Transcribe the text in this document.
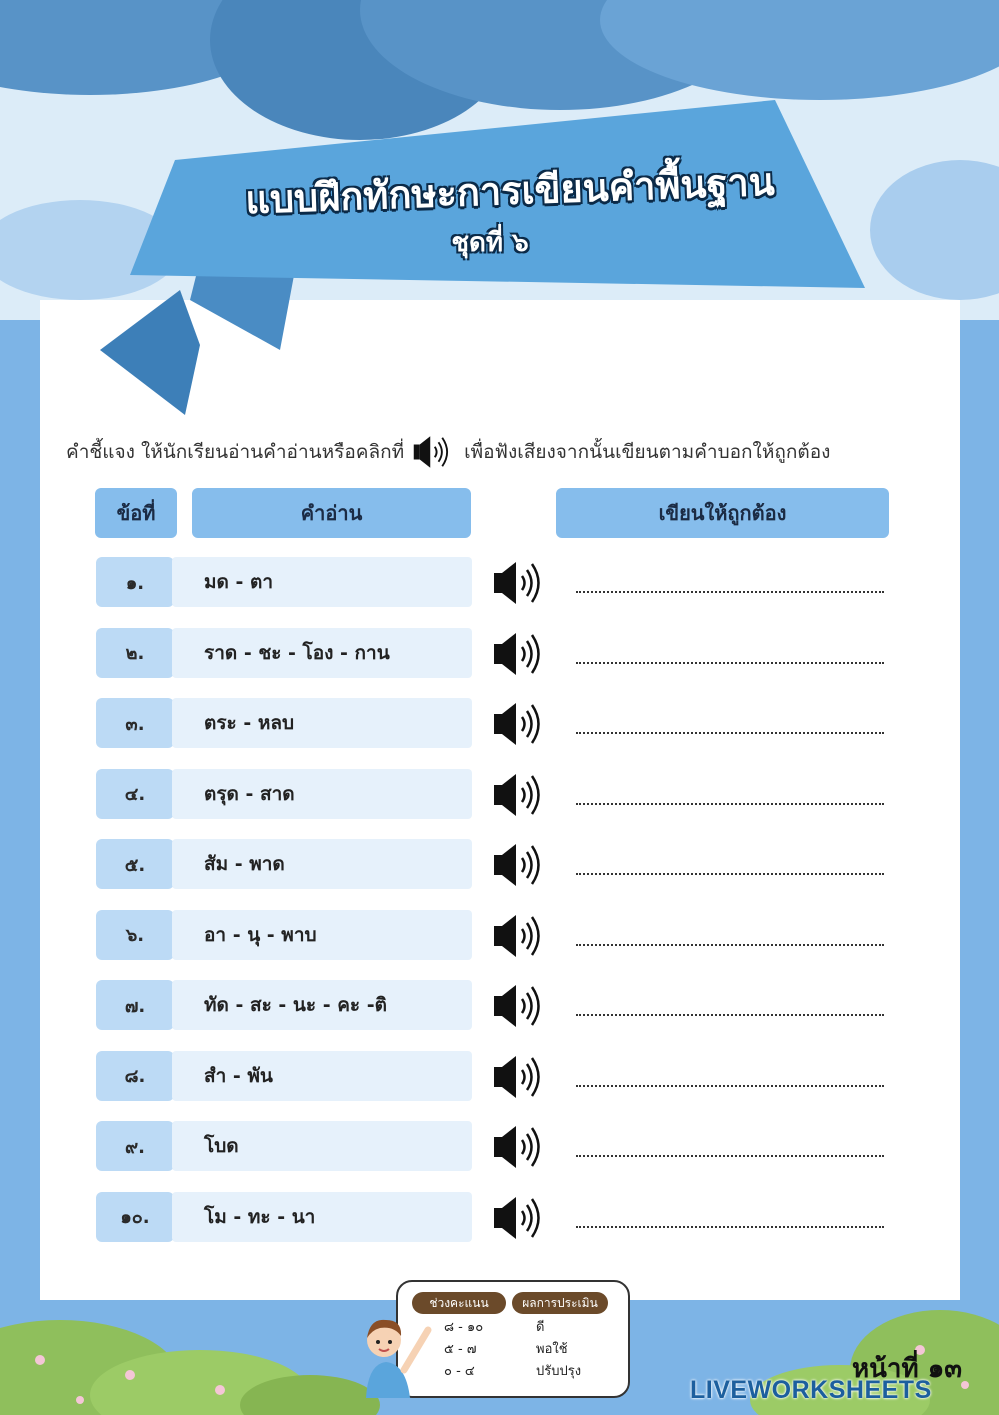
แบบฝึกทักษะการเขียนคำพื้นฐาน
ชุดที่ ๖
คำชี้แจง ให้นักเรียนอ่านคำอ่านหรือคลิกที่	เพื่อฟังเสียงจากนั้นเขียนตามคำบอกให้ถูกต้อง
ข้อที่	คำอ่าน	เขียนให้ถูกต้อง
๑.	มด - ตา
๒.	ราด - ชะ - โอง - กาน
๓.	ตระ - หลบ
๔.	ตรุด - สาด
๕.	สัม - พาด
๖.	อา - นุ - พาบ
๗.	ทัด - สะ - นะ - คะ -ติ
๘.	สำ - พัน
๙.	โบด
๑๐.	โม - ทะ - นา
ช่วงคะแนน	ผลการประเมิน
๘ - ๑๐	ดี
๕ - ๗	พอใช้
๐ - ๔	ปรับปรุง	หน้าที่ ๑๓
LIVEWORKSHEETS
